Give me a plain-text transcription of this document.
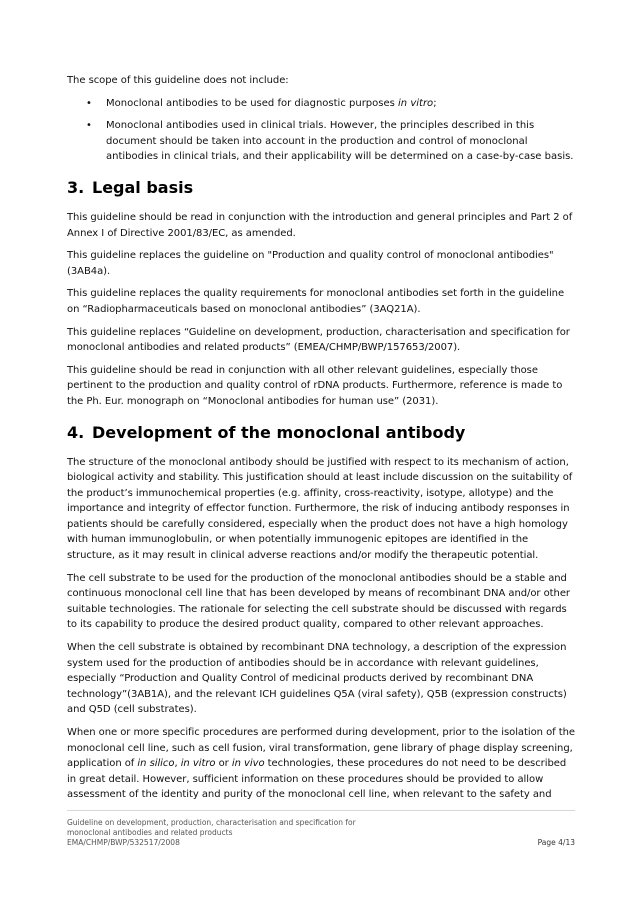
The scope of this guideline does not include:

• Monoclonal antibodies to be used for diagnostic purposes in vitro;
• Monoclonal antibodies used in clinical trials. However, the principles described in this document should be taken into account in the production and control of monoclonal antibodies in clinical trials, and their applicability will be determined on a case-by-case basis.
3. Legal basis

This guideline should be read in conjunction with the introduction and general principles and Part 2 of Annex I of Directive 2001/83/EC, as amended.

This guideline replaces the guideline on "Production and quality control of monoclonal antibodies" (3AB4a).

This guideline replaces the quality requirements for monoclonal antibodies set forth in the guideline on “Radiopharmaceuticals based on monoclonal antibodies” (3AQ21A).

This guideline replaces “Guideline on development, production, characterisation and specification for monoclonal antibodies and related products” (EMEA/CHMP/BWP/157653/2007).

This guideline should be read in conjunction with all other relevant guidelines, especially those pertinent to the production and quality control of rDNA products. Furthermore, reference is made to the Ph. Eur. monograph on “Monoclonal antibodies for human use” (2031).

4. Development of the monoclonal antibody

The structure of the monoclonal antibody should be justified with respect to its mechanism of action, biological activity and stability. This justification should at least include discussion on the suitability of the product’s immunochemical properties (e.g. affinity, cross-reactivity, isotype, allotype) and the importance and integrity of effector function. Furthermore, the risk of inducing antibody responses in patients should be carefully considered, especially when the product does not have a high homology with human immunoglobulin, or when potentially immunogenic epitopes are identified in the structure, as it may result in clinical adverse reactions and/or modify the therapeutic potential.

The cell substrate to be used for the production of the monoclonal antibodies should be a stable and continuous monoclonal cell line that has been developed by means of recombinant DNA and/or other suitable technologies. The rationale for selecting the cell substrate should be discussed with regards to its capability to produce the desired product quality, compared to other relevant approaches.

When the cell substrate is obtained by recombinant DNA technology, a description of the expression system used for the production of antibodies should be in accordance with relevant guidelines, especially “Production and Quality Control of medicinal products derived by recombinant DNA technology”(3AB1A), and the relevant ICH guidelines Q5A (viral safety), Q5B (expression constructs) and Q5D (cell substrates).

When one or more specific procedures are performed during development, prior to the isolation of the monoclonal cell line, such as cell fusion, viral transformation, gene library of phage display screening, application of in silico, in vitro or in vivo technologies, these procedures do not need to be described in great detail. However, sufficient information on these procedures should be provided to allow assessment of the identity and purity of the monoclonal cell line, when relevant to the safety and

Guideline on development, production, characterisation and specification for
monoclonal antibodies and related products
EMA/CHMP/BWP/532517/2008	Page 4/13
